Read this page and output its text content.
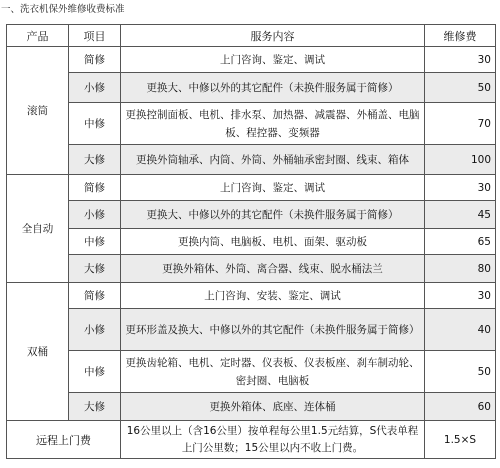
一、洗衣机保外维修收费标准
产品	项目	服务内容	维修费
滚筒	简修	上门咨询、鉴定、调试	30
	小修	更换大、中修以外的其它配件（未换件服务属于简修）	50
	中修	更换控制面板、电机、排水泵、加热器、减震器、外桶盖、电脑板、程控器、变频器	70
	大修	更换外筒轴承、内筒、外筒、外桶轴承密封圈、线束、箱体	100
全自动	简修	上门咨询、鉴定、调试	30
	小修	更换大、中修以外的其它配件（未换件服务属于简修）	45
	中修	更换内筒、电脑板、电机、面架、驱动板	65
	大修	更换外箱体、外筒、离合器、线束、脱水桶法兰	80
双桶	简修	上门咨询、安装、鉴定、调试	30
	小修	更环形盖及换大、中修以外的其它配件（未换件服务属于简修）	40
	中修	更换齿轮箱、电机、定时器、仪表板、仪表板座、刹车制动轮、密封圈、电脑板	50
	大修	更换外箱体、底座、连体桶	60
远程上门费		16公里以上（含16公里）按单程每公里1.5元结算，S代表单程上门公里数；15公里以内不收上门费。	1.5×S
